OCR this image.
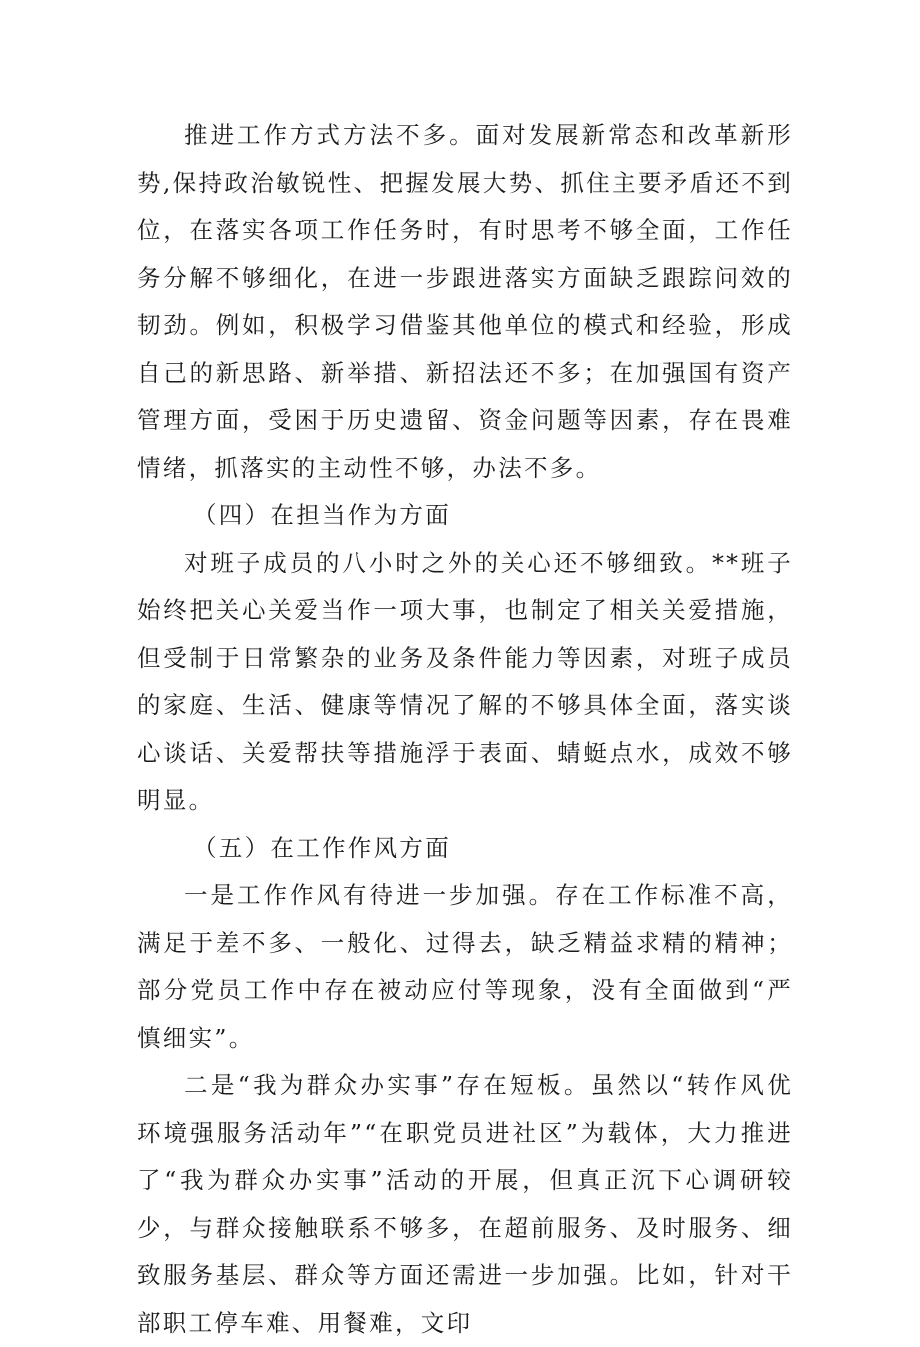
推进工作方式方法不多。面对发展新常态和改革新形势,保持政治敏锐性、把握发展大势、抓住主要矛盾还不到位，在落实各项工作任务时，有时思考不够全面，工作任务分解不够细化，在进一步跟进落实方面缺乏跟踪问效的韧劲。例如，积极学习借鉴其他单位的模式和经验，形成自己的新思路、新举措、新招法还不多；在加强国有资产管理方面，受困于历史遗留、资金问题等因素，存在畏难情绪，抓落实的主动性不够，办法不多。

（四）在担当作为方面

对班子成员的八小时之外的关心还不够细致。**班子始终把关心关爱当作一项大事，也制定了相关关爱措施，但受制于日常繁杂的业务及条件能力等因素，对班子成员的家庭、生活、健康等情况了解的不够具体全面，落实谈心谈话、关爱帮扶等措施浮于表面、蜻蜓点水，成效不够明显。

（五）在工作作风方面

一是工作作风有待进一步加强。存在工作标准不高，满足于差不多、一般化、过得去，缺乏精益求精的精神；部分党员工作中存在被动应付等现象，没有全面做到“严慎细实”。

二是“我为群众办实事”存在短板。虽然以“转作风优环境强服务活动年”“在职党员进社区”为载体，大力推进了“我为群众办实事”活动的开展，但真正沉下心调研较少，与群众接触联系不够多，在超前服务、及时服务、细致服务基层、群众等方面还需进一步加强。比如，针对干部职工停车难、用餐难，文印
